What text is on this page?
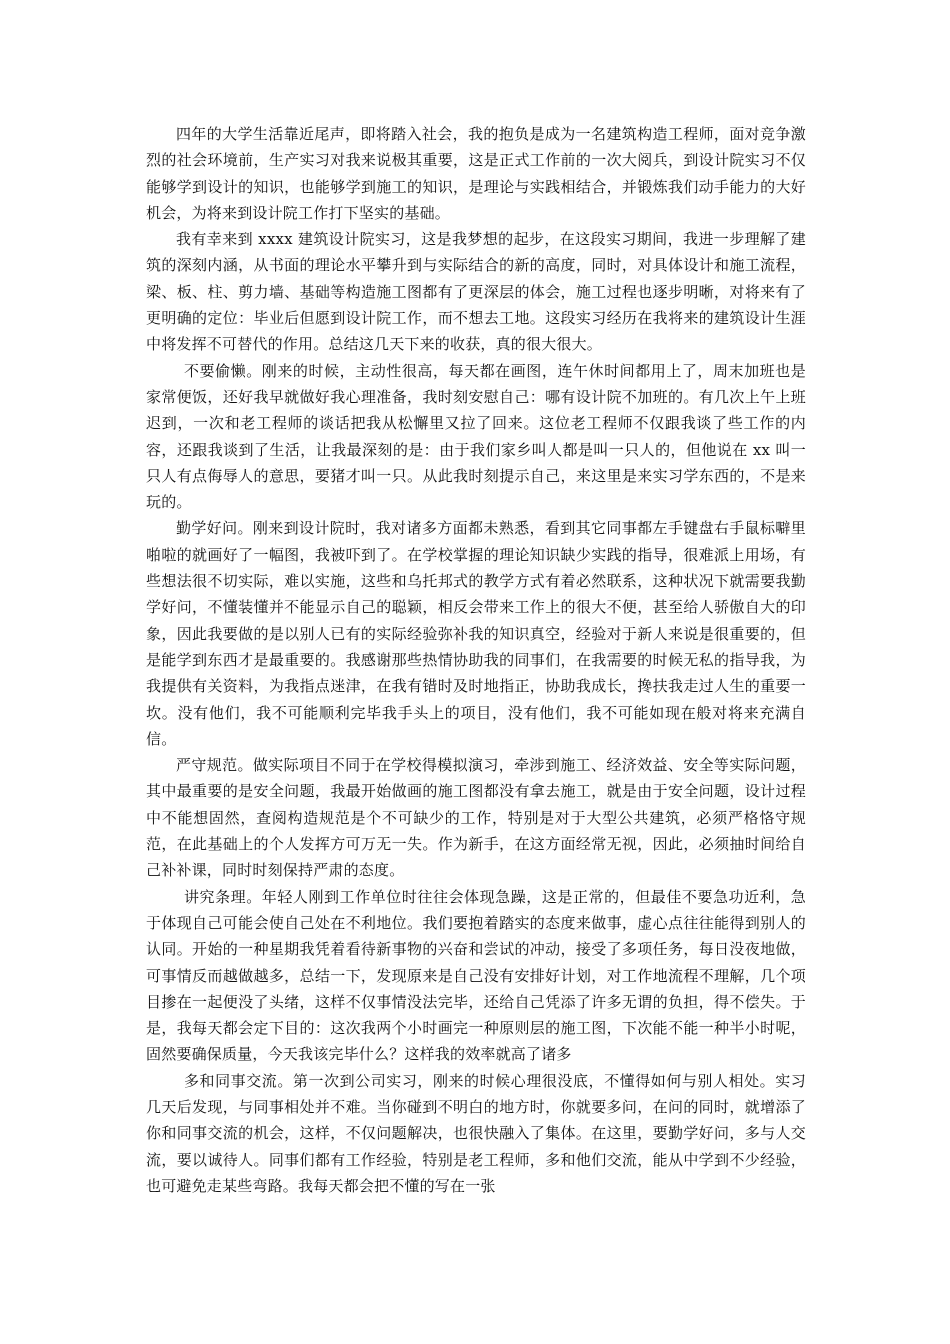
四年的大学生活靠近尾声，即将踏入社会，我的抱负是成为一名建筑构造工程师，面对竞争激烈的社会环境前，生产实习对我来说极其重要，这是正式工作前的一次大阅兵，到设计院实习不仅能够学到设计的知识，也能够学到施工的知识，是理论与实践相结合，并锻炼我们动手能力的大好机会，为将来到设计院工作打下坚实的基础。

我有幸来到 xxxx 建筑设计院实习，这是我梦想的起步，在这段实习期间，我进一步理解了建筑的深刻内涵，从书面的理论水平攀升到与实际结合的新的高度，同时，对具体设计和施工流程，梁、板、柱、剪力墙、基础等构造施工图都有了更深层的体会，施工过程也逐步明晰，对将来有了更明确的定位：毕业后但愿到设计院工作，而不想去工地。这段实习经历在我将来的建筑设计生涯中将发挥不可替代的作用。总结这几天下来的收获，真的很大很大。

不要偷懒。刚来的时候，主动性很高，每天都在画图，连午休时间都用上了，周末加班也是家常便饭，还好我早就做好我心理准备，我时刻安慰自己：哪有设计院不加班的。有几次上午上班迟到，一次和老工程师的谈话把我从松懈里又拉了回来。这位老工程师不仅跟我谈了些工作的内容，还跟我谈到了生活，让我最深刻的是：由于我们家乡叫人都是叫一只人的，但他说在 xx 叫一只人有点侮辱人的意思，要猪才叫一只。从此我时刻提示自己，来这里是来实习学东西的，不是来玩的。

勤学好问。刚来到设计院时，我对诸多方面都未熟悉，看到其它同事都左手键盘右手鼠标噼里啪啦的就画好了一幅图，我被吓到了。在学校掌握的理论知识缺少实践的指导，很难派上用场，有些想法很不切实际，难以实施，这些和乌托邦式的教学方式有着必然联系，这种状况下就需要我勤学好问，不懂装懂并不能显示自己的聪颖，相反会带来工作上的很大不便，甚至给人骄傲自大的印象，因此我要做的是以别人已有的实际经验弥补我的知识真空，经验对于新人来说是很重要的，但是能学到东西才是最重要的。我感谢那些热情协助我的同事们，在我需要的时候无私的指导我，为我提供有关资料，为我指点迷津，在我有错时及时地指正，协助我成长，搀扶我走过人生的重要一坎。没有他们，我不可能顺利完毕我手头上的项目，没有他们，我不可能如现在般对将来充满自信。

严守规范。做实际项目不同于在学校得模拟演习，牵涉到施工、经济效益、安全等实际问题，其中最重要的是安全问题，我最开始做画的施工图都没有拿去施工，就是由于安全问题，设计过程中不能想固然，查阅构造规范是个不可缺少的工作，特别是对于大型公共建筑，必须严格恪守规范，在此基础上的个人发挥方可万无一失。作为新手，在这方面经常无视，因此，必须抽时间给自己补补课，同时时刻保持严肃的态度。

讲究条理。年轻人刚到工作单位时往往会体现急躁，这是正常的，但最佳不要急功近利，急于体现自己可能会使自己处在不利地位。我们要抱着踏实的态度来做事，虚心点往往能得到别人的认同。开始的一种星期我凭着看待新事物的兴奋和尝试的冲动，接受了多项任务，每日没夜地做，可事情反而越做越多，总结一下，发现原来是自己没有安排好计划，对工作地流程不理解，几个项目掺在一起便没了头绪，这样不仅事情没法完毕，还给自己凭添了许多无谓的负担，得不偿失。于是，我每天都会定下目的：这次我两个小时画完一种原则层的施工图，下次能不能一种半小时呢，固然要确保质量，今天我该完毕什么？这样我的效率就高了诸多

多和同事交流。第一次到公司实习，刚来的时候心理很没底，不懂得如何与别人相处。实习几天后发现，与同事相处并不难。当你碰到不明白的地方时，你就要多问，在问的同时，就增添了你和同事交流的机会，这样，不仅问题解决，也很快融入了集体。在这里，要勤学好问，多与人交流，要以诚待人。同事们都有工作经验，特别是老工程师，多和他们交流，能从中学到不少经验，也可避免走某些弯路。我每天都会把不懂的写在一张
